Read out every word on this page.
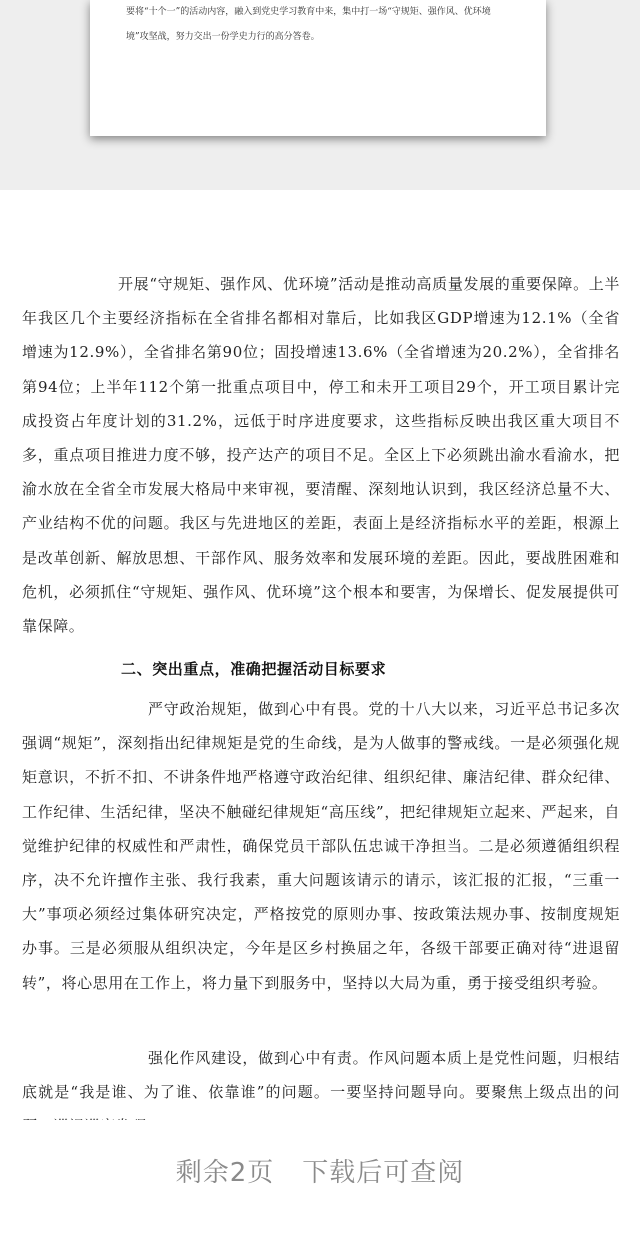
要将“十个一”的活动内容，融入到党史学习教育中来，集中打一场“守规矩、强作风、优环境

境”攻坚战，努力交出一份学史力行的高分答卷。

开展“守规矩、强作风、优环境”活动是推动高质量发展的重要保障。上半年我区几个主要经济指标在全省排名都相对靠后，比如我区GDP增速为12.1%（全省增速为12.9%），全省排名第90位；固投增速13.6%（全省增速为20.2%），全省排名第94位；上半年112个第一批重点项目中，停工和未开工项目29个，开工项目累计完成投资占年度计划的31.2%，远低于时序进度要求，这些指标反映出我区重大项目不多，重点项目推进力度不够，投产达产的项目不足。全区上下必须跳出渝水看渝水，把渝水放在全省全市发展大格局中来审视，要清醒、深刻地认识到，我区经济总量不大、产业结构不优的问题。我区与先进地区的差距，表面上是经济指标水平的差距，根源上是改革创新、解放思想、干部作风、服务效率和发展环境的差距。因此，要战胜困难和危机，必须抓住“守规矩、强作风、优环境”这个根本和要害，为保增长、促发展提供可靠保障。

二、突出重点，准确把握活动目标要求

严守政治规矩，做到心中有畏。党的十八大以来，习近平总书记多次强调“规矩”，深刻指出纪律规矩是党的生命线，是为人做事的警戒线。一是必须强化规矩意识，不折不扣、不讲条件地严格遵守政治纪律、组织纪律、廉洁纪律、群众纪律、工作纪律、生活纪律，坚决不触碰纪律规矩“高压线”，把纪律规矩立起来、严起来，自觉维护纪律的权威性和严肃性，确保党员干部队伍忠诚干净担当。二是必须遵循组织程序，决不允许擅作主张、我行我素，重大问题该请示的请示，该汇报的汇报，“三重一大”事项必须经过集体研究决定，严格按党的原则办事、按政策法规办事、按制度规矩办事。三是必须服从组织决定，今年是区乡村换届之年，各级干部要正确对待“进退留转”，将心思用在工作上，将力量下到服务中，坚持以大局为重，勇于接受组织考验。

强化作风建设，做到心中有责。作风问题本质上是党性问题，归根结底就是“我是谁、为了谁、依靠谁”的问题。一要坚持问题导向。要聚焦上级点出的问

剩余2页 下载后可查阅
